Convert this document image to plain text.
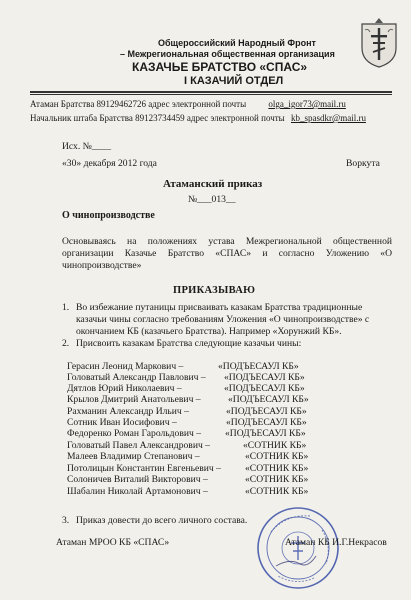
Общероссийский Народный Фронт
– Межрегиональная общественная организация
КАЗАЧЬЕ БРАТСТВО «СПАС»
I КАЗАЧИЙ ОТДЕЛ
Атаман Братства 89129462726 адрес электронной почты olga_igor73@mail.ru
Начальник штаба Братства 89123734459 адрес электронной почты kb_spasdkr@mail.ru
Исх. №____
«30» декабря 2012 года	Воркута
Атаманский приказ
№___013__
О чинопроизводстве
Основываясь на положениях устава Межрегиональной общественной организации Казачье Братство «СПАС» и согласно Уложению «О чинопроизводстве»
ПРИКАЗЫВАЮ
1. Во избежание путаницы присваивать казакам Братства традиционные казачьи чины согласно требованиям Уложения «О чинопроизводстве» с окончанием КБ (казачьего Братства). Например «Хорунжий КБ».
2. Присвоить казакам Братства следующие казачьи чины:
Герасин Леонид Маркович –	«ПОДЪЕСАУЛ КБ»
Головатый Александр Павлович – «ПОДЪЕСАУЛ КБ»
Дятлов Юрий Николаевич –	«ПОДЪЕСАУЛ КБ»
Крылов Дмитрий Анатольевич –	«ПОДЪЕСАУЛ КБ»
Рахманин Александр Ильич –	«ПОДЪЕСАУЛ КБ»
Сотник Иван Иосифович –	«ПОДЪЕСАУЛ КБ»
Федоренко Роман Гарольдович – «ПОДЪЕСАУЛ КБ»
Головатый Павел Александрович –	«СОТНИК КБ»
Малеев Владимир Степанович –	«СОТНИК КБ»
Потолицын Константин Евгеньевич –	«СОТНИК КБ»
Солоничев Виталий Викторович –	«СОТНИК КБ»
Шабалин Николай Артамонович –	«СОТНИК КБ»
3. Приказ довести до всего личного состава.
Атаман МРОО КБ «СПАС»	Атаман КБ И.Г.Некрасов
